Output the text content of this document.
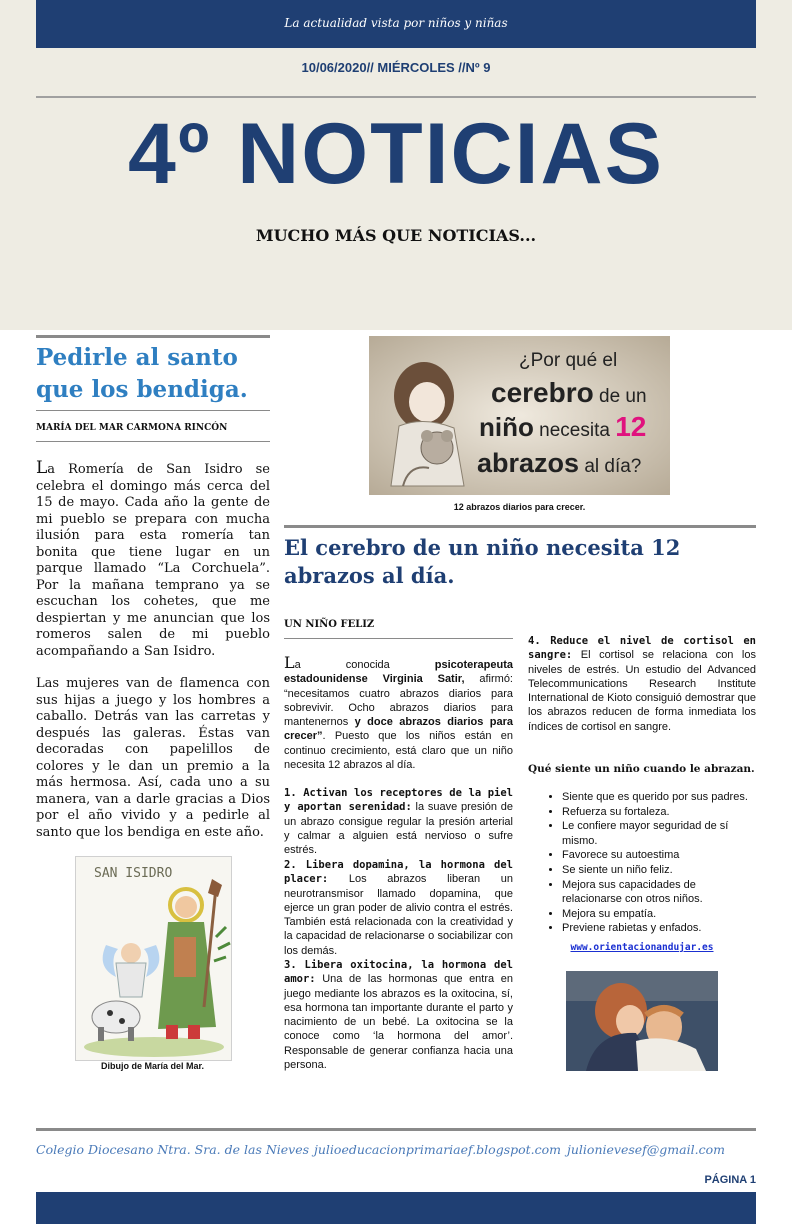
La actualidad vista por niños y niñas
10/06/2020// MIÉRCOLES //Nº 9
4º NOTICIAS
MUCHO MÁS QUE NOTICIAS...
Pedirle al santo que los bendiga.
MARÍA DEL MAR CARMONA RINCÓN

La Romería de San Isidro se celebra el domingo más cerca del 15 de mayo. Cada año la gente de mi pueblo se prepara con mucha ilusión para esta romería tan bonita que tiene lugar en un parque llamado “La Corchuela”. Por la mañana temprano ya se escuchan los cohetes, que me despiertan y me anuncian que los romeros salen de mi pueblo acompañando a San Isidro.

Las mujeres van de flamenca con sus hijas a juego y los hombres a caballo. Detrás van las carretas y después las galeras. Éstas van decoradas con papelillos de colores y le dan un premio a la más hermosa. Así, cada uno a su manera, van a darle gracias a Dios por el año vivido y a pedirle al santo que los bendiga en este año.

SAN ISIDRO
Dibujo de María del Mar.
¿Por qué el
cerebro de un
niño necesita 12
abrazos al día?
12 abrazos diarios para crecer.
El cerebro de un niño necesita 12 abrazos al día.
UN NIÑO FELIZ

La conocida psicoterapeuta estadounidense Virginia Satir, afirmó: “necesitamos cuatro abrazos diarios para sobrevivir. Ocho abrazos diarios para mantenernos y doce abrazos diarios para crecer”. Puesto que los niños están en continuo crecimiento, está claro que un niño necesita 12 abrazos al día.

1. Activan los receptores de la piel y aportan serenidad: la suave presión de un abrazo consigue regular la presión arterial y calmar a alguien está nervioso o sufre estrés.

2. Libera dopamina, la hormona del placer: Los abrazos liberan un neurotransmisor llamado dopamina, que ejerce un gran poder de alivio contra el estrés. También está relacionada con la creatividad y la capacidad de relacionarse o sociabilizar con los demás.

3. Libera oxitocina, la hormona del amor: Una de las hormonas que entra en juego mediante los abrazos es la oxitocina, sí, esa hormona tan importante durante el parto y nacimiento de un bebé. La oxitocina se la conoce como ‘la hormona del amor’. Responsable de generar confianza hacia una persona.

4. Reduce el nivel de cortisol en sangre: El cortisol se relaciona con los niveles de estrés. Un estudio del Advanced Telecommunications Research Institute International de Kioto consiguió demostrar que los abrazos reducen de forma inmediata los índices de cortisol en sangre.

Qué siente un niño cuando le abrazan.
• Siente que es querido por sus padres.
• Refuerza su fortaleza.
• Le confiere mayor seguridad de sí mismo.
• Favorece su autoestima
• Se siente un niño feliz.
• Mejora sus capacidades de relacionarse con otros niños.
• Mejora su empatía.
• Previene rabietas y enfados.
www.orientacionandujar.es
Colegio Diocesano Ntra. Sra. de las Nieves julioeducacionprimariaef.blogspot.com julionievesef@gmail.com
PÁGINA 1
